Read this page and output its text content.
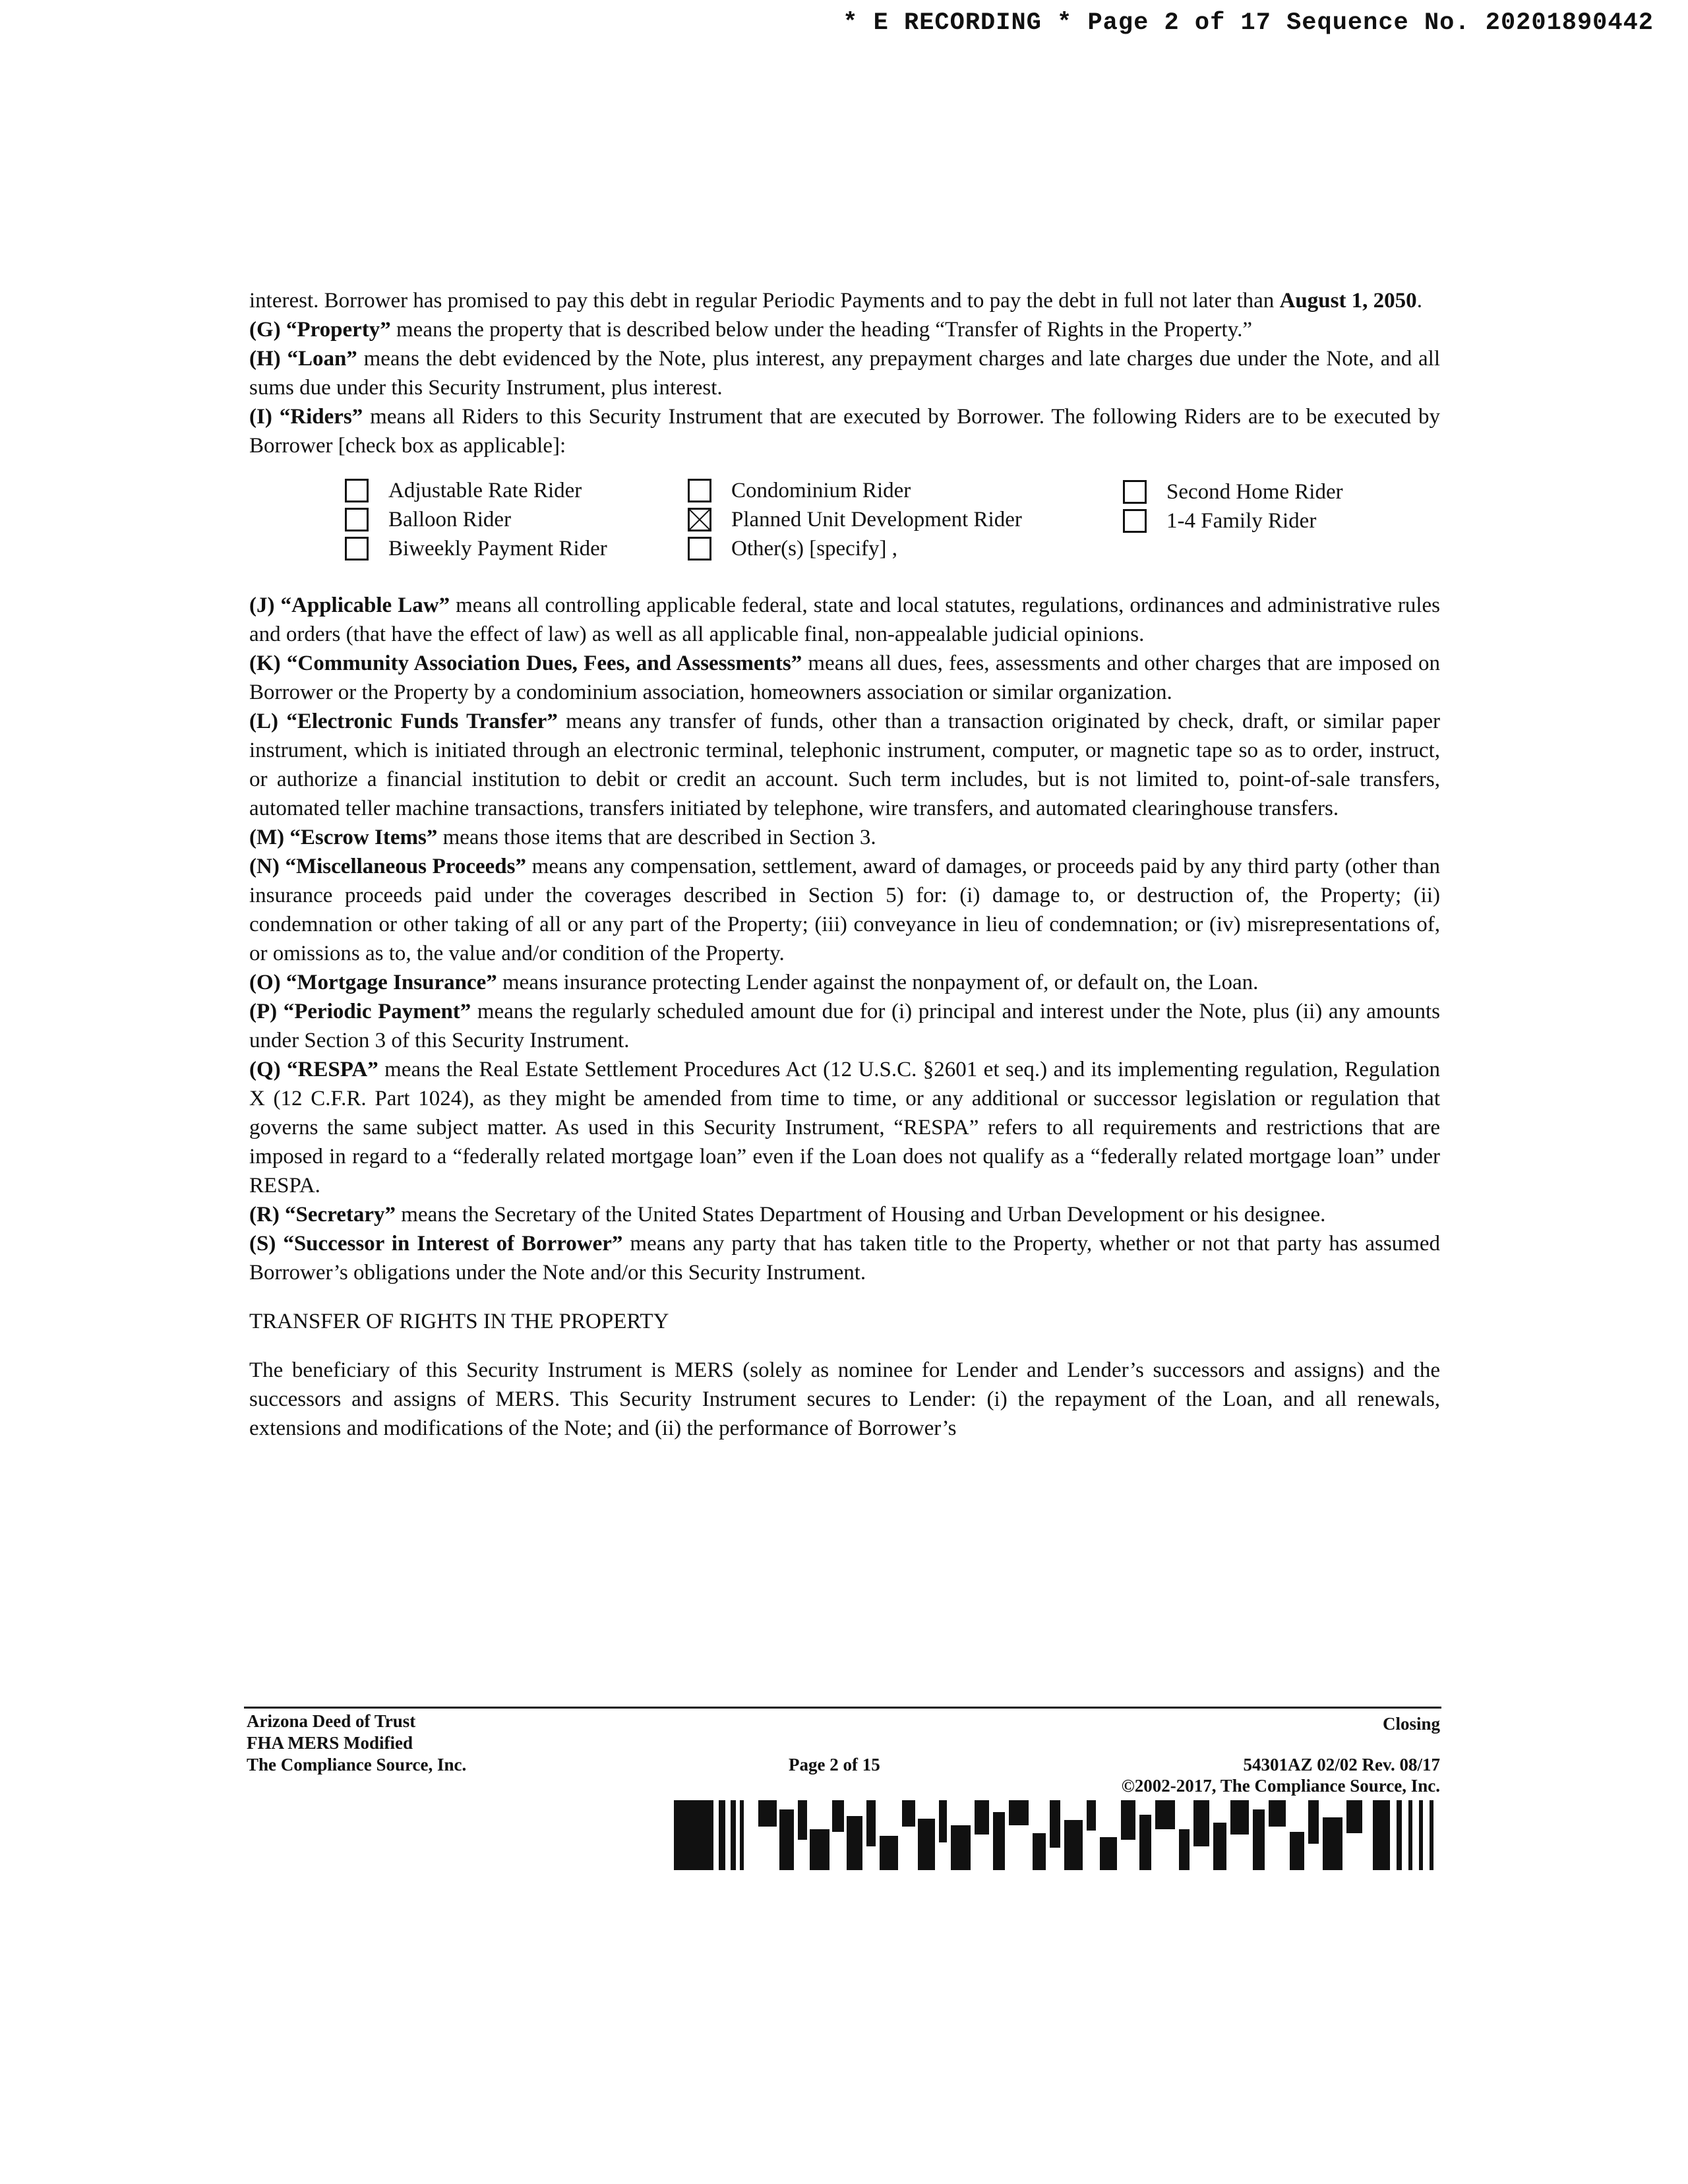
* E RECORDING * Page 2 of 17 Sequence No. 20201890442

interest. Borrower has promised to pay this debt in regular Periodic Payments and to pay the debt in full not later than August 1, 2050.

(G) “Property” means the property that is described below under the heading “Transfer of Rights in the Property.”

(H) “Loan” means the debt evidenced by the Note, plus interest, any prepayment charges and late charges due under the Note, and all sums due under this Security Instrument, plus interest.

(I) “Riders” means all Riders to this Security Instrument that are executed by Borrower. The following Riders are to be executed by Borrower [check box as applicable]:

Adjustable Rate Rider
Balloon Rider
Biweekly Payment Rider
Condominium Rider
Planned Unit Development Rider
Other(s) [specify] ,
Second Home Rider
1-4 Family Rider

(J) “Applicable Law” means all controlling applicable federal, state and local statutes, regulations, ordinances and administrative rules and orders (that have the effect of law) as well as all applicable final, non-appealable judicial opinions.

(K) “Community Association Dues, Fees, and Assessments” means all dues, fees, assessments and other charges that are imposed on Borrower or the Property by a condominium association, homeowners association or similar organization.

(L) “Electronic Funds Transfer” means any transfer of funds, other than a transaction originated by check, draft, or similar paper instrument, which is initiated through an electronic terminal, telephonic instrument, computer, or magnetic tape so as to order, instruct, or authorize a financial institution to debit or credit an account. Such term includes, but is not limited to, point-of-sale transfers, automated teller machine transactions, transfers initiated by telephone, wire transfers, and automated clearinghouse transfers.

(M) “Escrow Items” means those items that are described in Section 3.

(N) “Miscellaneous Proceeds” means any compensation, settlement, award of damages, or proceeds paid by any third party (other than insurance proceeds paid under the coverages described in Section 5) for: (i) damage to, or destruction of, the Property; (ii) condemnation or other taking of all or any part of the Property; (iii) conveyance in lieu of condemnation; or (iv) misrepresentations of, or omissions as to, the value and/or condition of the Property.

(O) “Mortgage Insurance” means insurance protecting Lender against the nonpayment of, or default on, the Loan.

(P) “Periodic Payment” means the regularly scheduled amount due for (i) principal and interest under the Note, plus (ii) any amounts under Section 3 of this Security Instrument.

(Q) “RESPA” means the Real Estate Settlement Procedures Act (12 U.S.C. §2601 et seq.) and its implementing regulation, Regulation X (12 C.F.R. Part 1024), as they might be amended from time to time, or any additional or successor legislation or regulation that governs the same subject matter. As used in this Security Instrument, “RESPA” refers to all requirements and restrictions that are imposed in regard to a “federally related mortgage loan” even if the Loan does not qualify as a “federally related mortgage loan” under RESPA.

(R) “Secretary” means the Secretary of the United States Department of Housing and Urban Development or his designee.

(S) “Successor in Interest of Borrower” means any party that has taken title to the Property, whether or not that party has assumed Borrower’s obligations under the Note and/or this Security Instrument.

TRANSFER OF RIGHTS IN THE PROPERTY

The beneficiary of this Security Instrument is MERS (solely as nominee for Lender and Lender’s successors and assigns) and the successors and assigns of MERS. This Security Instrument secures to Lender: (i) the repayment of the Loan, and all renewals, extensions and modifications of the Note; and (ii) the performance of Borrower’s

Arizona Deed of Trust
FHA MERS Modified
The Compliance Source, Inc.
Closing
Page 2 of 15	54301AZ 02/02 Rev. 08/17
©2002-2017, The Compliance Source, Inc.
